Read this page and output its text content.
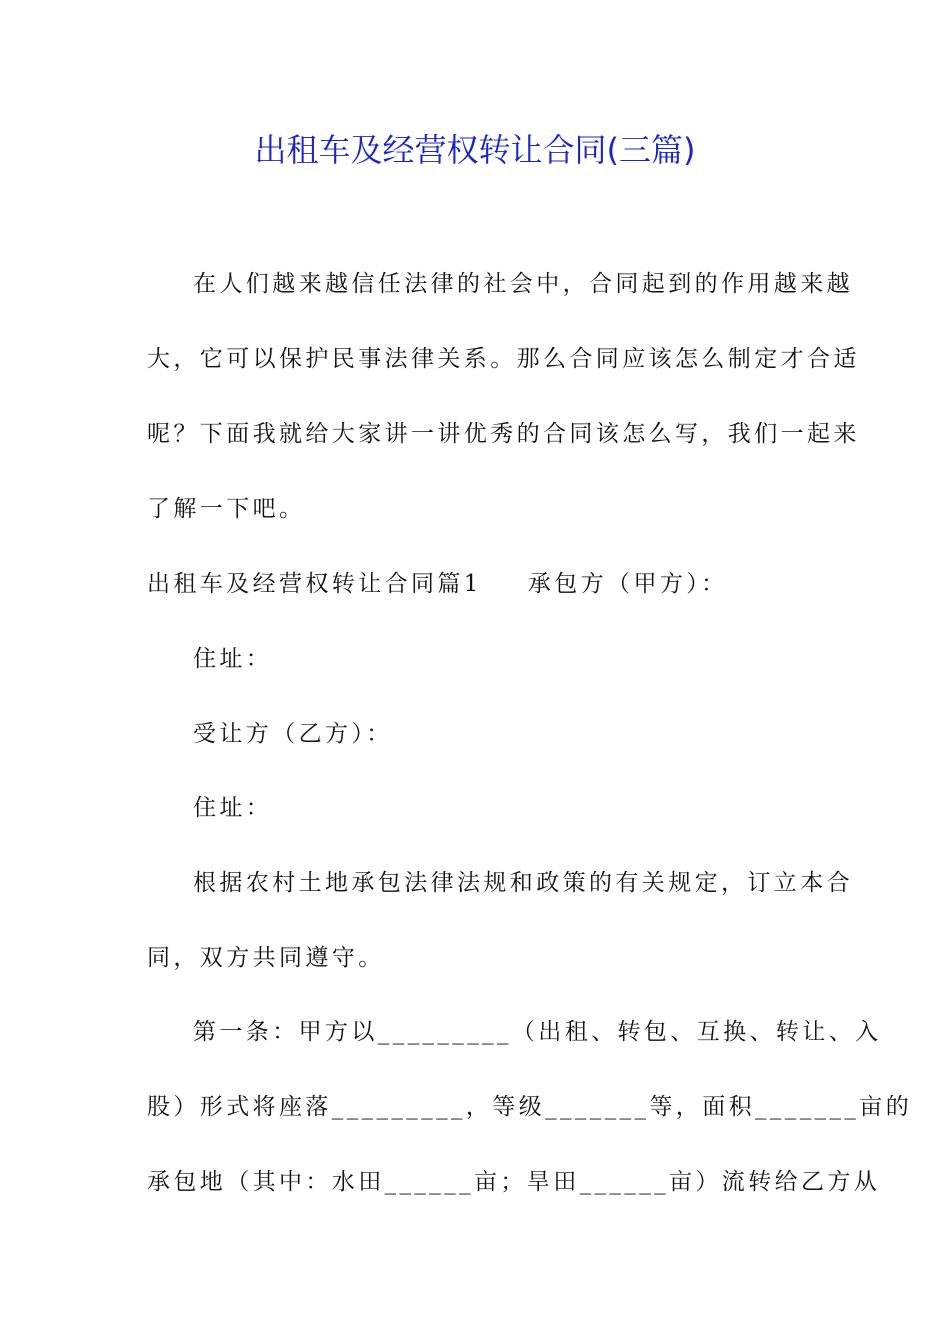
出租车及经营权转让合同(三篇)
在人们越来越信任法律的社会中，合同起到的作用越来越
大，它可以保护民事法律关系。那么合同应该怎么制定才合适
呢？下面我就给大家讲一讲优秀的合同该怎么写，我们一起来
了解一下吧。
出租车及经营权转让合同篇1 承包方（甲方）：
住址：
受让方（乙方）：
住址：
根据农村土地承包法律法规和政策的有关规定，订立本合
同，双方共同遵守。
第一条：甲方以_________（出租、转包、互换、转让、入
股）形式将座落_________，等级_______等，面积_______亩的
承包地（其中：水田______亩；旱田______亩）流转给乙方从
